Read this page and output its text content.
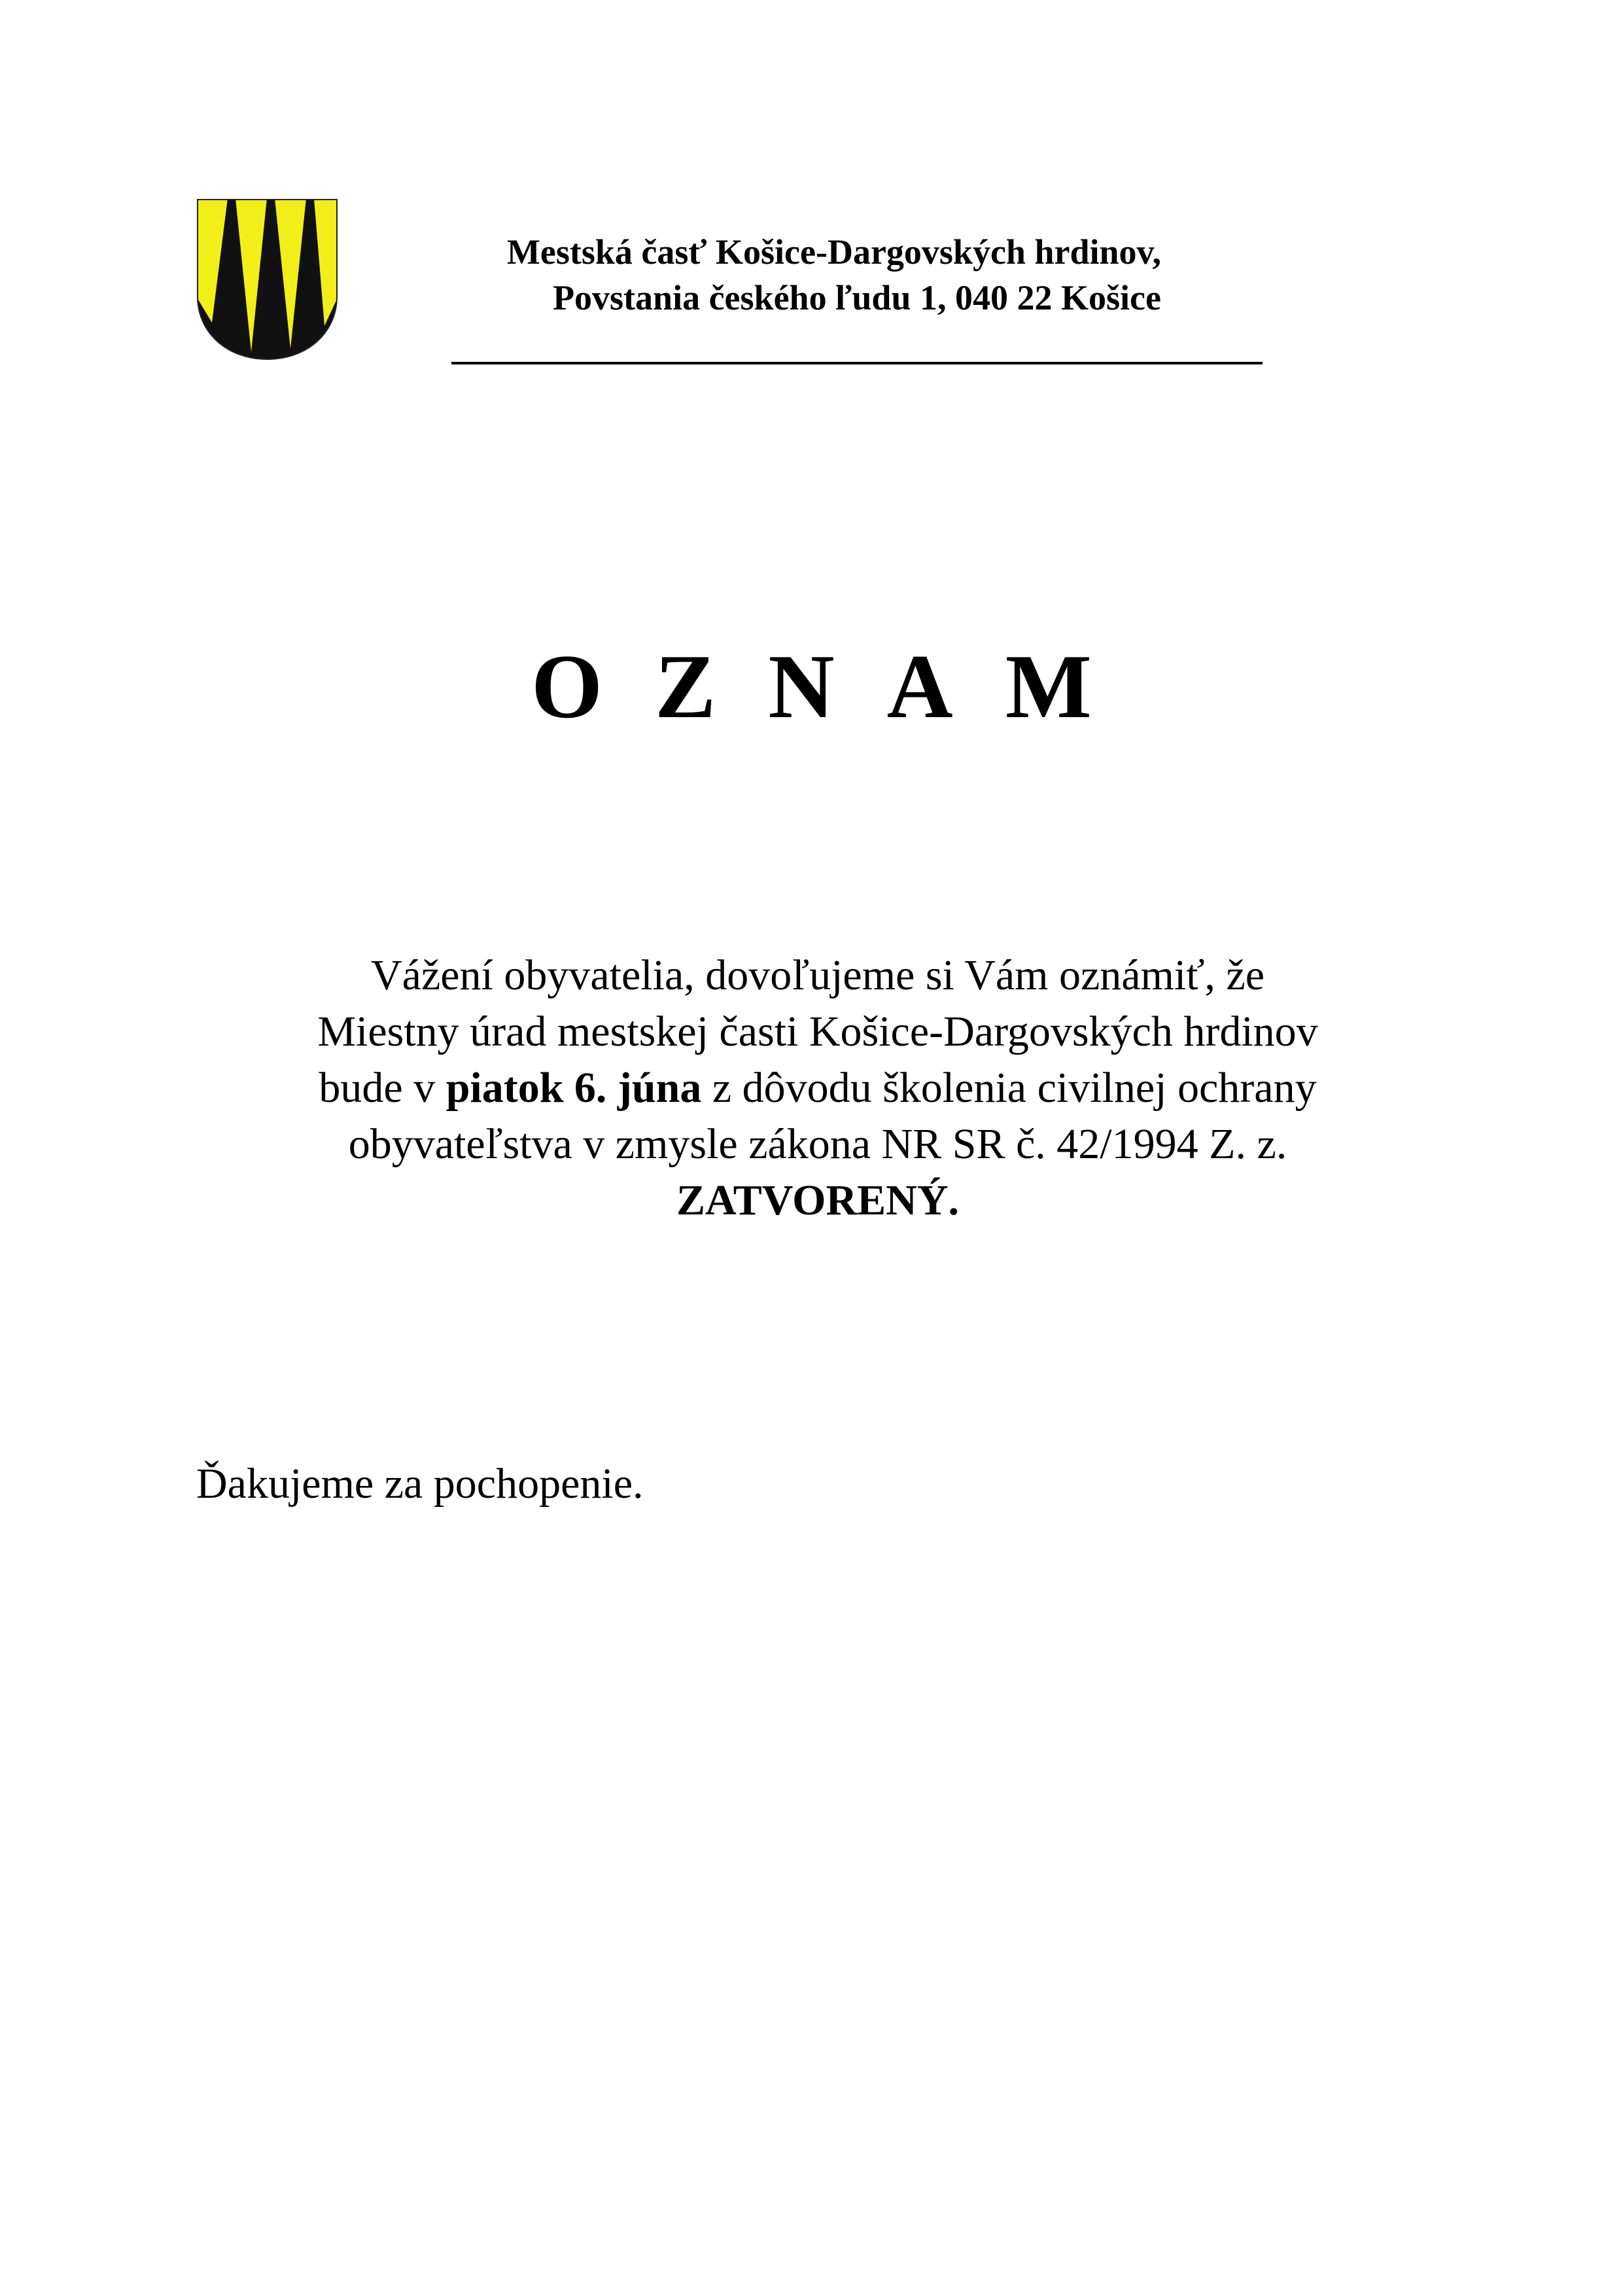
Mestská časť Košice-Dargovských hrdinov,
Povstania českého ľudu 1, 040 22 Košice
O Z N A M
Vážení obyvatelia, dovoľujeme si Vám oznámiť, že
Miestny úrad mestskej časti Košice-Dargovských hrdinov
bude v piatok 6. júna z dôvodu školenia civilnej ochrany
obyvateľstva v zmysle zákona NR SR č. 42/1994 Z. z.
ZATVORENÝ.
Ďakujeme za pochopenie.
